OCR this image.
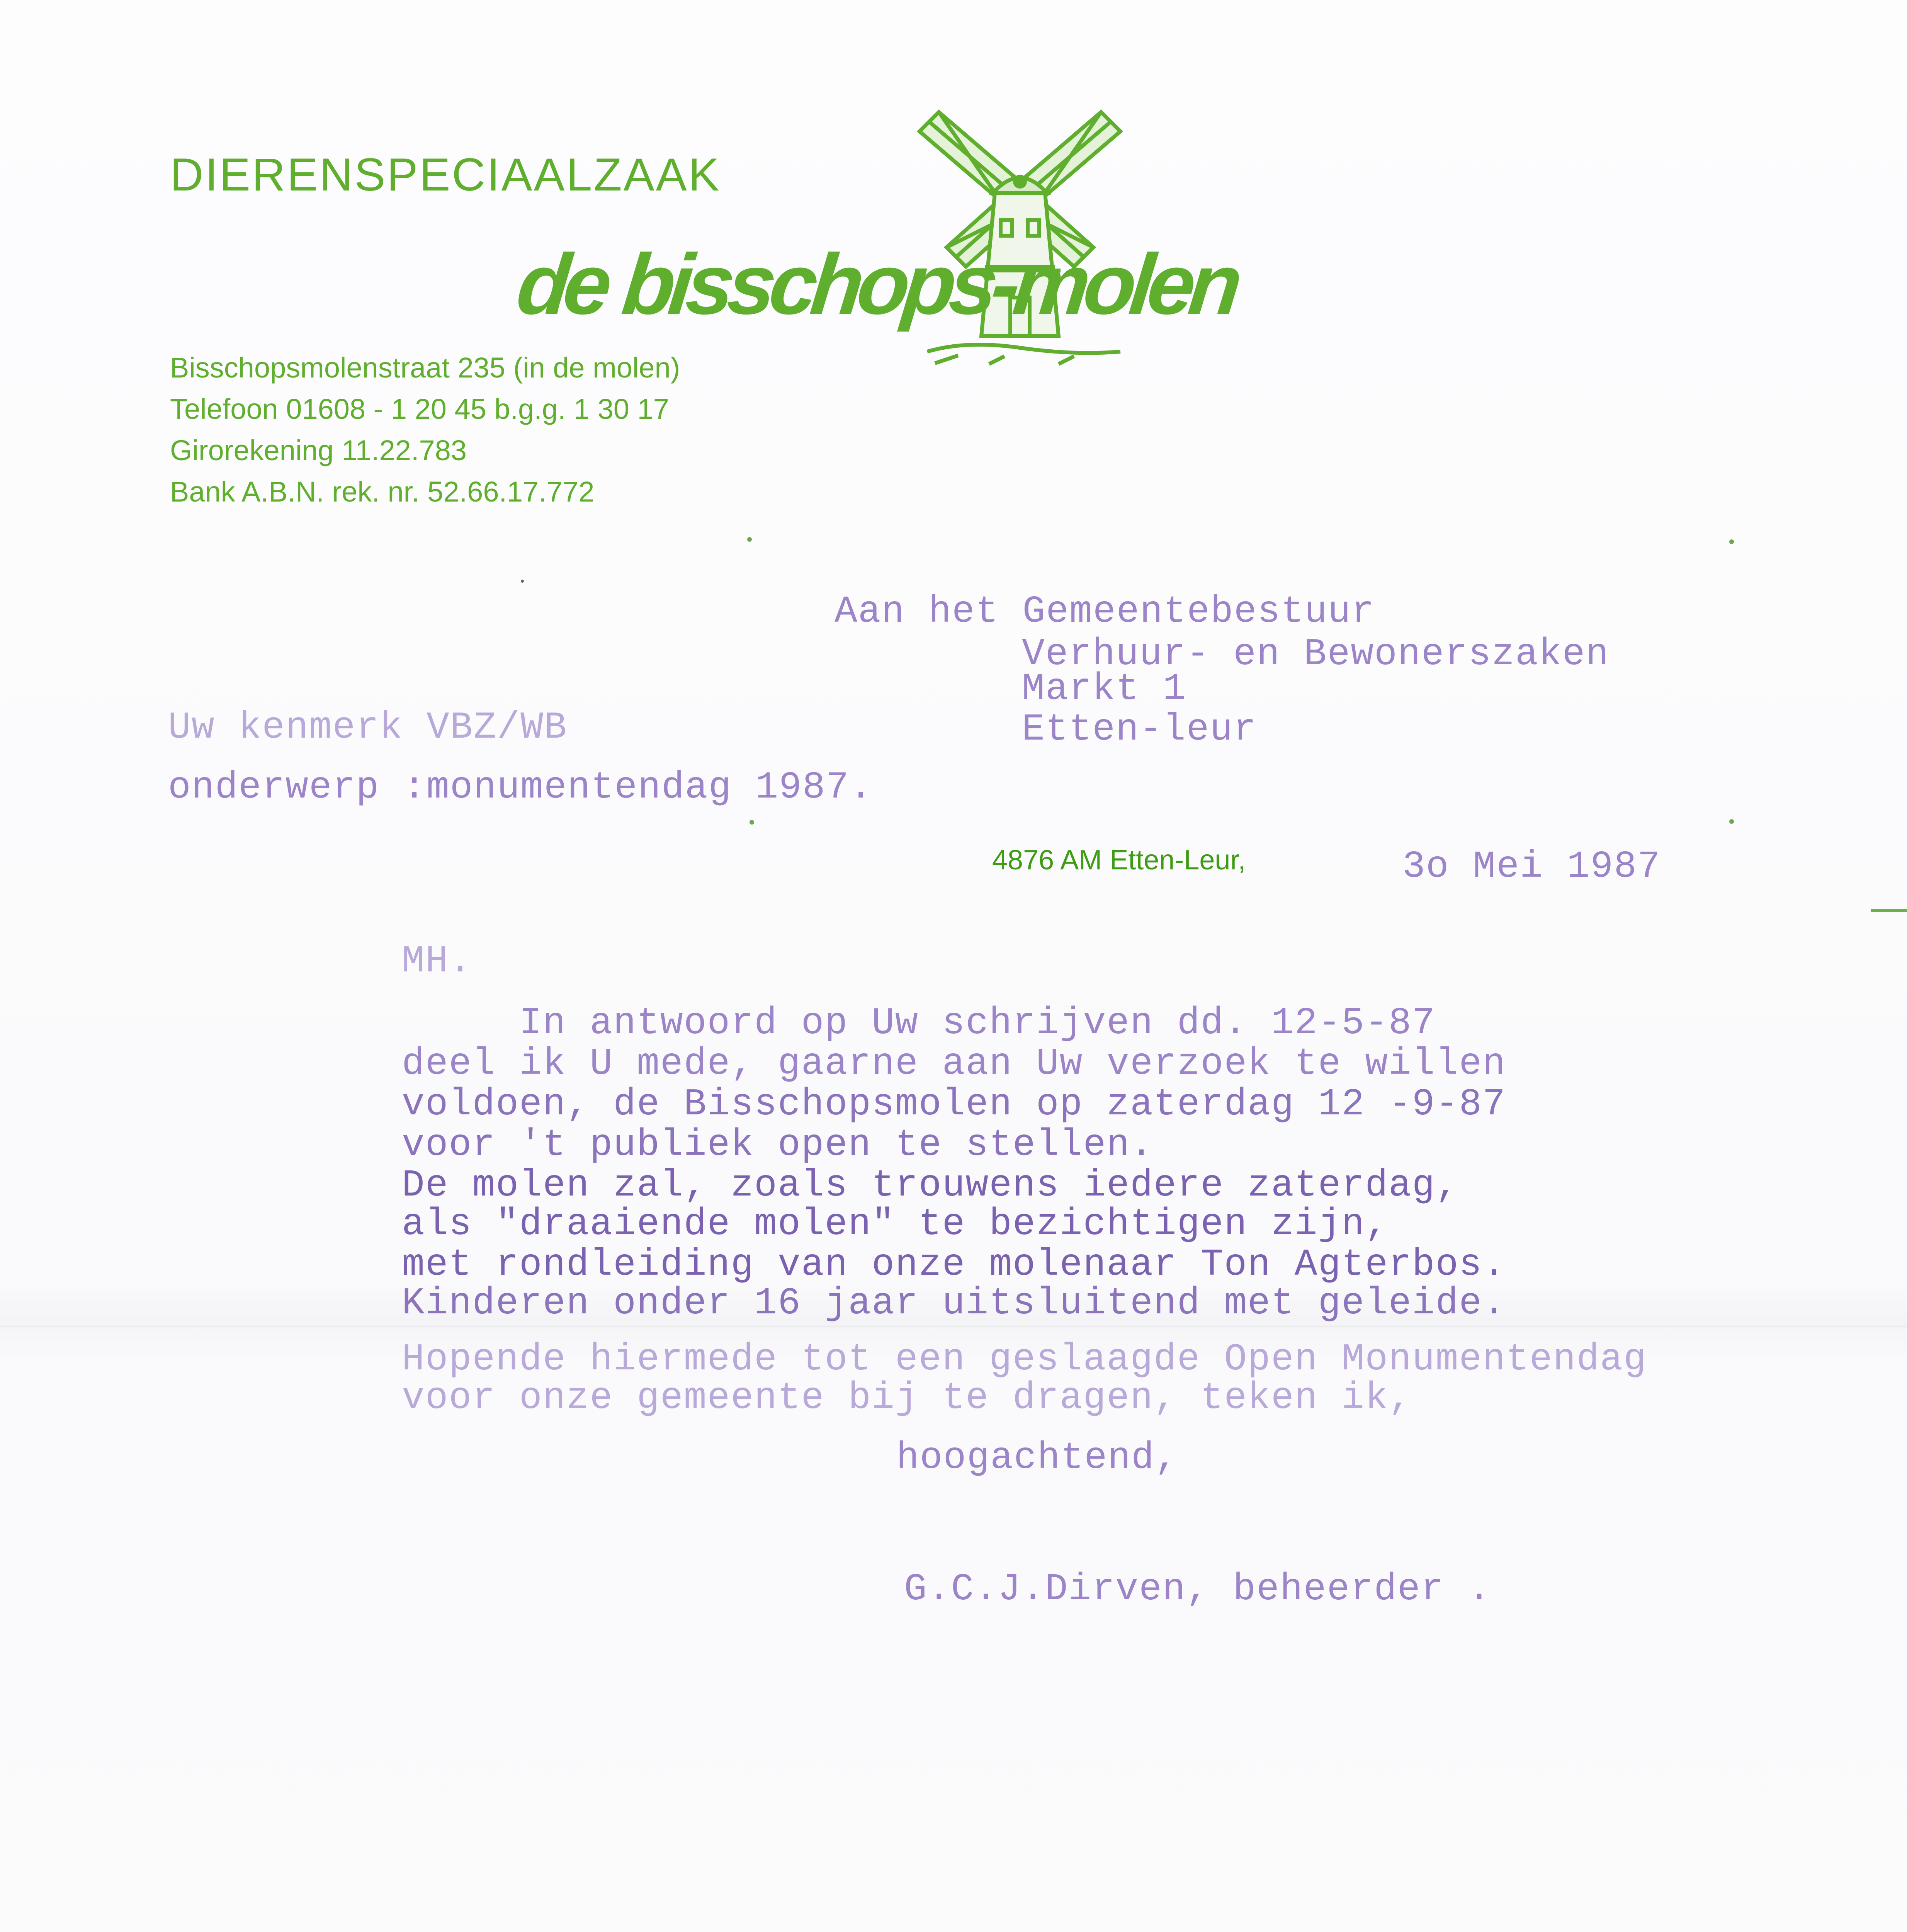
DIERENSPECIAALZAAK
de bisschops-molen
Bisschopsmolenstraat 235 (in de molen)
Telefoon 01608 - 1 20 45 b.g.g. 1 30 17
Girorekening 11.22.783
Bank A.B.N. rek. nr. 52.66.17.772
Aan het Gemeentebestuur
Verhuur- en Bewonerszaken
Markt 1
Etten-leur
Uw kenmerk VBZ/WB
onderwerp :monumentendag 1987.
4876 AM Etten-Leur,	3o Mei 1987
MH.
In antwoord op Uw schrijven dd. 12-5-87
deel ik U mede, gaarne aan Uw verzoek te willen
voldoen, de Bisschopsmolen op zaterdag 12 -9-87
voor 't publiek open te stellen.
De molen zal, zoals trouwens iedere zaterdag,
als "draaiende molen" te bezichtigen zijn,
met rondleiding van onze molenaar Ton Agterbos.
Kinderen onder 16 jaar uitsluitend met geleide.
Hopende hiermede tot een geslaagde Open Monumentendag
voor onze gemeente bij te dragen, teken ik,
hoogachtend,
G.C.J.Dirven, beheerder .
